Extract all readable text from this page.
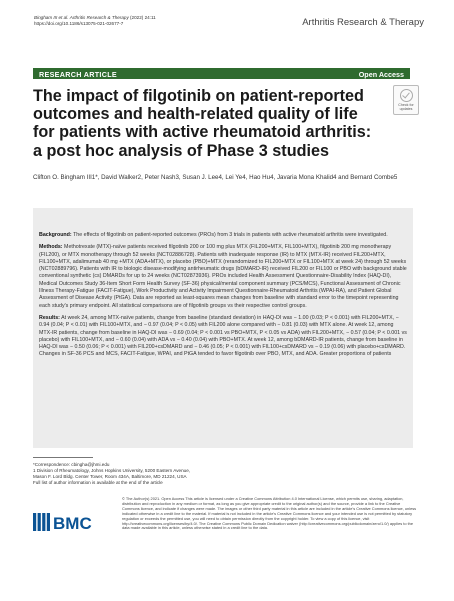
Bingham III et al. Arthritis Research & Therapy (2022) 24:11
https://doi.org/10.1186/s13075-021-02677-7	Arthritis Research & Therapy
RESEARCH ARTICLE	Open Access
The impact of filgotinib on patient-reported outcomes and health-related quality of life for patients with active rheumatoid arthritis: a post hoc analysis of Phase 3 studies
Check for updates
Clifton O. Bingham III1*, David Walker2, Peter Nash3, Susan J. Lee4, Lei Ye4, Hao Hu4, Javaria Mona Khalid4 and Bernard Combe5

Background: The effects of filgotinib on patient-reported outcomes (PROs) from 3 trials in patients with active rheumatoid arthritis were investigated.

Methods: Methotrexate (MTX)-naïve patients received filgotinib 200 or 100 mg plus MTX (FIL200+MTX, FIL100+MTX), filgotinib 200 mg monotherapy (FIL200), or MTX monotherapy through 52 weeks (NCT02886728). Patients with inadequate response (IR) to MTX (MTX-IR) received FIL200+MTX, FIL100+MTX, adalimumab 40 mg +MTX (ADA+MTX), or placebo (PBO)+MTX (rerandomized to FIL200+MTX or FIL100+MTX at week 24) through 52 weeks (NCT02889796). Patients with IR to biologic disease-modifying antirheumatic drugs (bDMARD-IR) received FIL200 or FIL100 or PBO with background stable conventional synthetic (cs) DMARDs for up to 24 weeks (NCT02873936). PROs included Health Assessment Questionnaire-Disability Index (HAQ-DI), Medical Outcomes Study 36-Item Short Form Health Survey (SF-36) physical/mental component summary (PCS/MCS), Functional Assessment of Chronic Illness Therapy-Fatigue (FACIT-Fatigue), Work Productivity and Activity Impairment Questionnaire-Rheumatoid Arthritis (WPAI-RA), and Patient Global Assessment of Disease Activity (PtGA). Data are reported as least-squares mean changes from baseline with standard error to the timepoint representing each study's primary endpoint. All statistical comparisons are of filgotinib groups vs their respective control groups.

Results: At week 24, among MTX-naïve patients, change from baseline (standard deviation) in HAQ-DI was − 1.00 (0.03; P < 0.001) with FIL200+MTX, − 0.94 (0.04; P < 0.01) with FIL100+MTX, and − 0.97 (0.04; P < 0.05) with FIL200 alone compared with − 0.81 (0.03) with MTX alone. At week 12, among MTX-IR patients, change from baseline in HAQ-DI was − 0.69 (0.04; P < 0.001 vs PBO+MTX, P < 0.05 vs ADA) with FIL200+MTX, − 0.57 (0.04; P < 0.001 vs placebo) with FIL100+MTX, and − 0.60 (0.04) with ADA vs − 0.40 (0.04) with PBO+MTX. At week 12, among bDMARD-IR patients, change from baseline in HAQ-DI was − 0.50 (0.06; P < 0.001) with FIL200+csDMARD and − 0.46 (0.05; P < 0.001) with FIL100+csDMARD vs − 0.19 (0.06) with placebo+csDMARD. Changes in SF-36 PCS and MCS, FACIT-Fatigue, WPAI, and PtGA tended to favor filgotinib over PBO, MTX, and ADA. Greater proportions of patients

*Correspondence: cbingha@jhmi.edu
1 Division of Rheumatology, Johns Hopkins University, 5200 Eastern Avenue, Mason F. Lord Bldg. Center Tower, Room 434A, Baltimore, MD 21224, USA
Full list of author information is available at the end of the article
BMC
© The Author(s) 2021. Open Access This article is licensed under a Creative Commons Attribution 4.0 International License, which permits use, sharing, adaptation, distribution and reproduction in any medium or format, as long as you give appropriate credit to the original author(s) and the source, provide a link to the Creative Commons licence, and indicate if changes were made. The images or other third party material in this article are included in the article's Creative Commons licence, unless indicated otherwise in a credit line to the material. If material is not included in the article's Creative Commons licence and your intended use is not permitted by statutory regulation or exceeds the permitted use, you will need to obtain permission directly from the copyright holder. To view a copy of this licence, visit http://creativecommons.org/licenses/by/4.0/. The Creative Commons Public Domain Dedication waiver (http://creativecommons.org/publicdomain/zero/1.0/) applies to the data made available in this article, unless otherwise stated in a credit line to the data.
